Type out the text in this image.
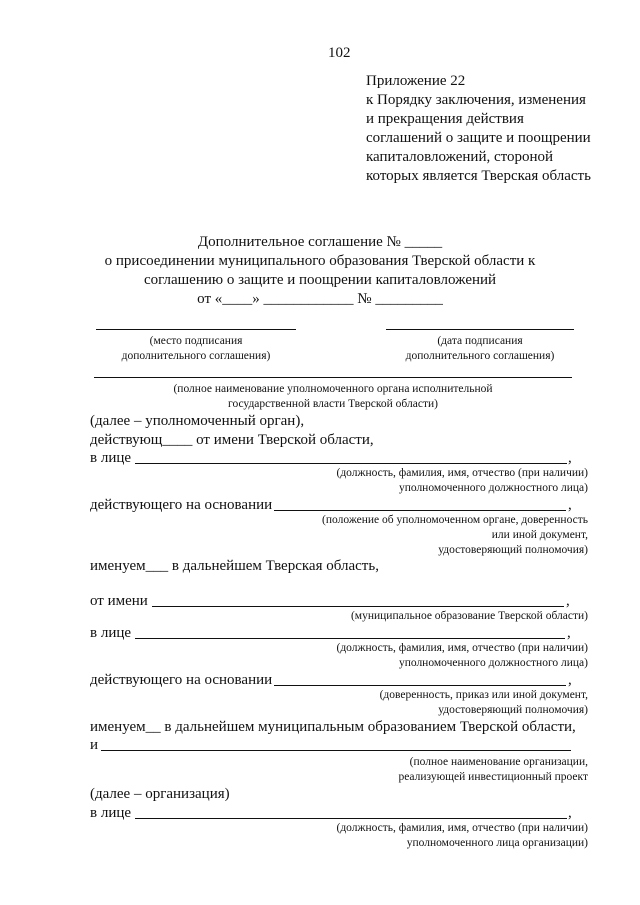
102
Приложение 22
к Порядку заключения, изменения
и прекращения действия
соглашений о защите и поощрении
капиталовложений, стороной
которых является Тверская область
Дополнительное соглашение № _____
о присоединении муниципального образования Тверской области к
соглашению о защите и поощрении капиталовложений
от «____» ____________ № _________
(место подписания
дополнительного соглашения)
(дата подписания
дополнительного соглашения)
(полное наименование уполномоченного органа исполнительной
государственной власти Тверской области)
(далее – уполномоченный орган),
действующ____ от имени Тверской области,
в лице	,
(должность, фамилия, имя, отчество (при наличии)
уполномоченного должностного лица)
действующего на основании	,
(положение об уполномоченном органе, доверенность
или иной документ,
удостоверяющий полномочия)
именуем___ в дальнейшем Тверская область,
от имени	,
(муниципальное образование Тверской области)
в лице	,
(должность, фамилия, имя, отчество (при наличии)
уполномоченного должностного лица)
действующего на основании	,
(доверенность, приказ или иной документ,
удостоверяющий полномочия)
именуем__ в дальнейшем муниципальным образованием Тверской области,
и
(полное наименование организации,
реализующей инвестиционный проект
(далее – организация)
в лице	,
(должность, фамилия, имя, отчество (при наличии)
уполномоченного лица организации)
